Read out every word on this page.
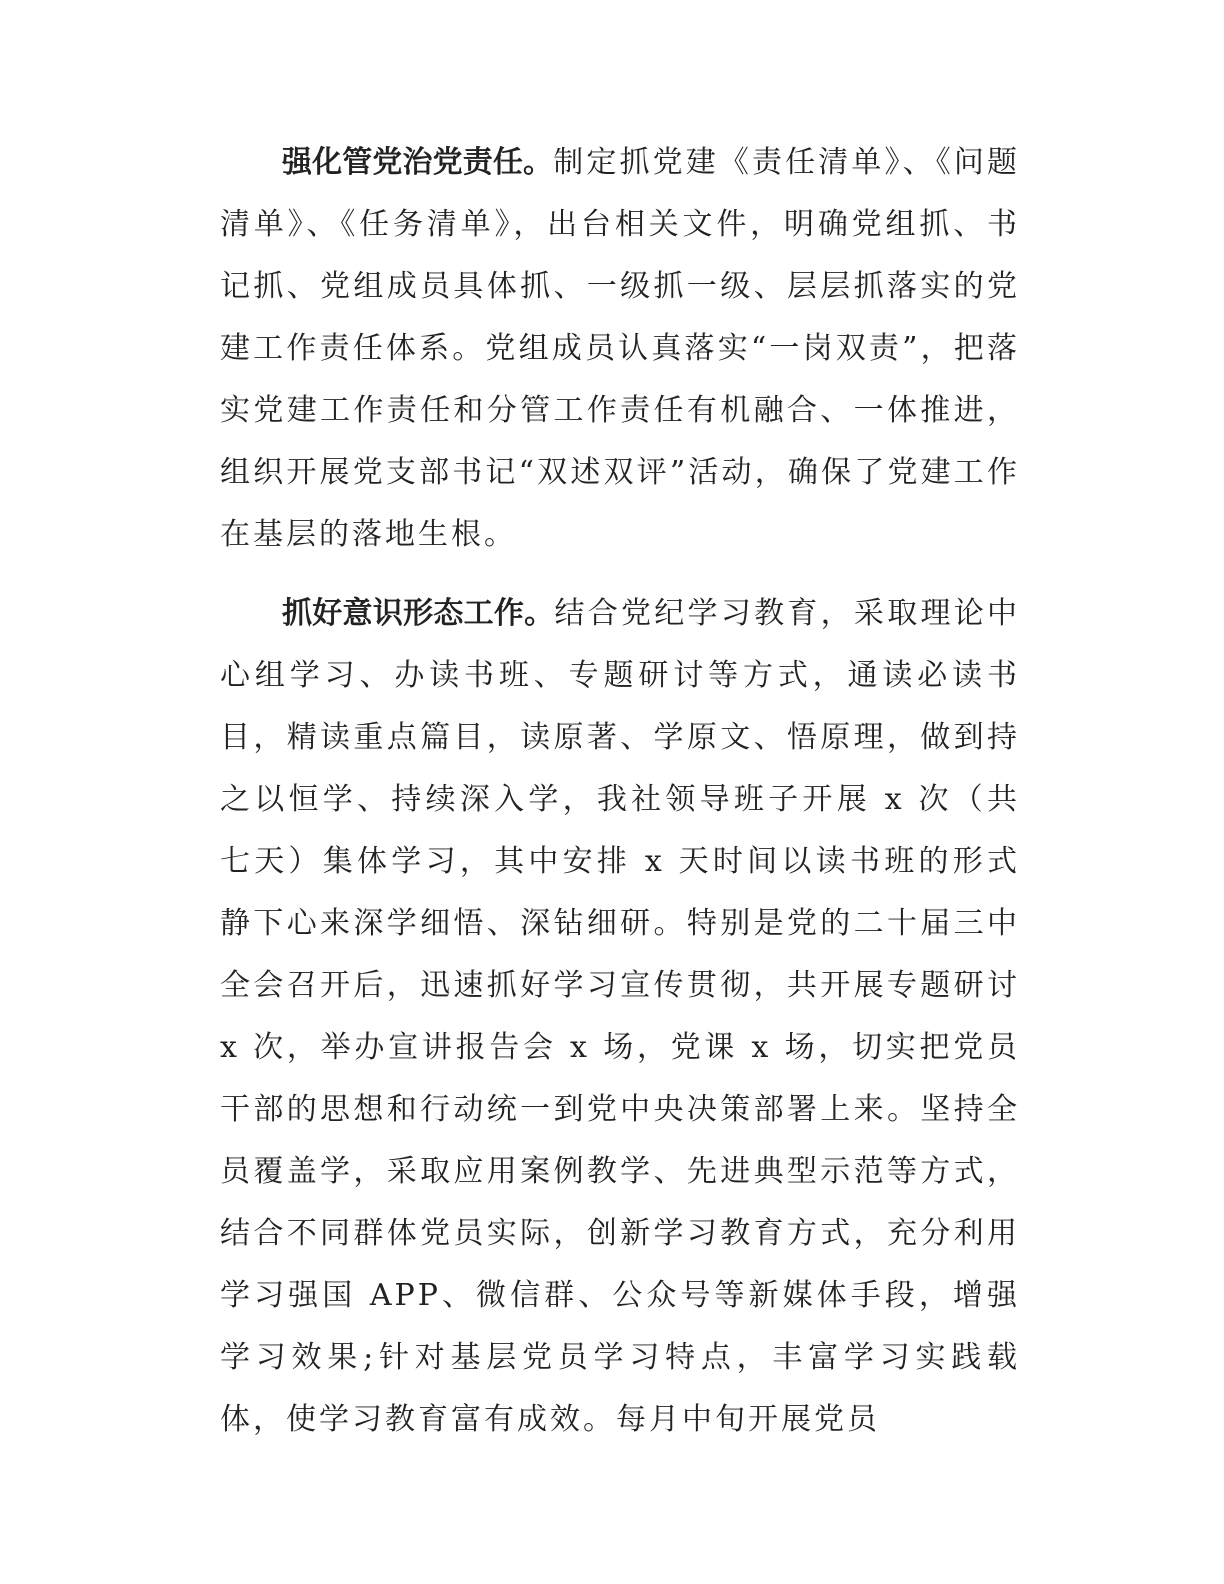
强化管党治党责任。制定抓党建《责任清单》、《问题清单》、《任务清单》，出台相关文件，明确党组抓、书记抓、党组成员具体抓、一级抓一级、层层抓落实的党建工作责任体系。党组成员认真落实“一岗双责”，把落实党建工作责任和分管工作责任有机融合、一体推进，组织开展党支部书记“双述双评”活动，确保了党建工作在基层的落地生根。

抓好意识形态工作。结合党纪学习教育，采取理论中心组学习、办读书班、专题研讨等方式，通读必读书目，精读重点篇目，读原著、学原文、悟原理，做到持之以恒学、持续深入学，我社领导班子开展 x 次（共七天）集体学习，其中安排 x 天时间以读书班的形式静下心来深学细悟、深钻细研。特别是党的二十届三中全会召开后，迅速抓好学习宣传贯彻，共开展专题研讨 x 次，举办宣讲报告会 x 场，党课 x 场，切实把党员干部的思想和行动统一到党中央决策部署上来。坚持全员覆盖学，采取应用案例教学、先进典型示范等方式，结合不同群体党员实际，创新学习教育方式，充分利用学习强国 APP、微信群、公众号等新媒体手段，增强学习效果;针对基层党员学习特点，丰富学习实践载体，使学习教育富有成效。每月中旬开展党员
